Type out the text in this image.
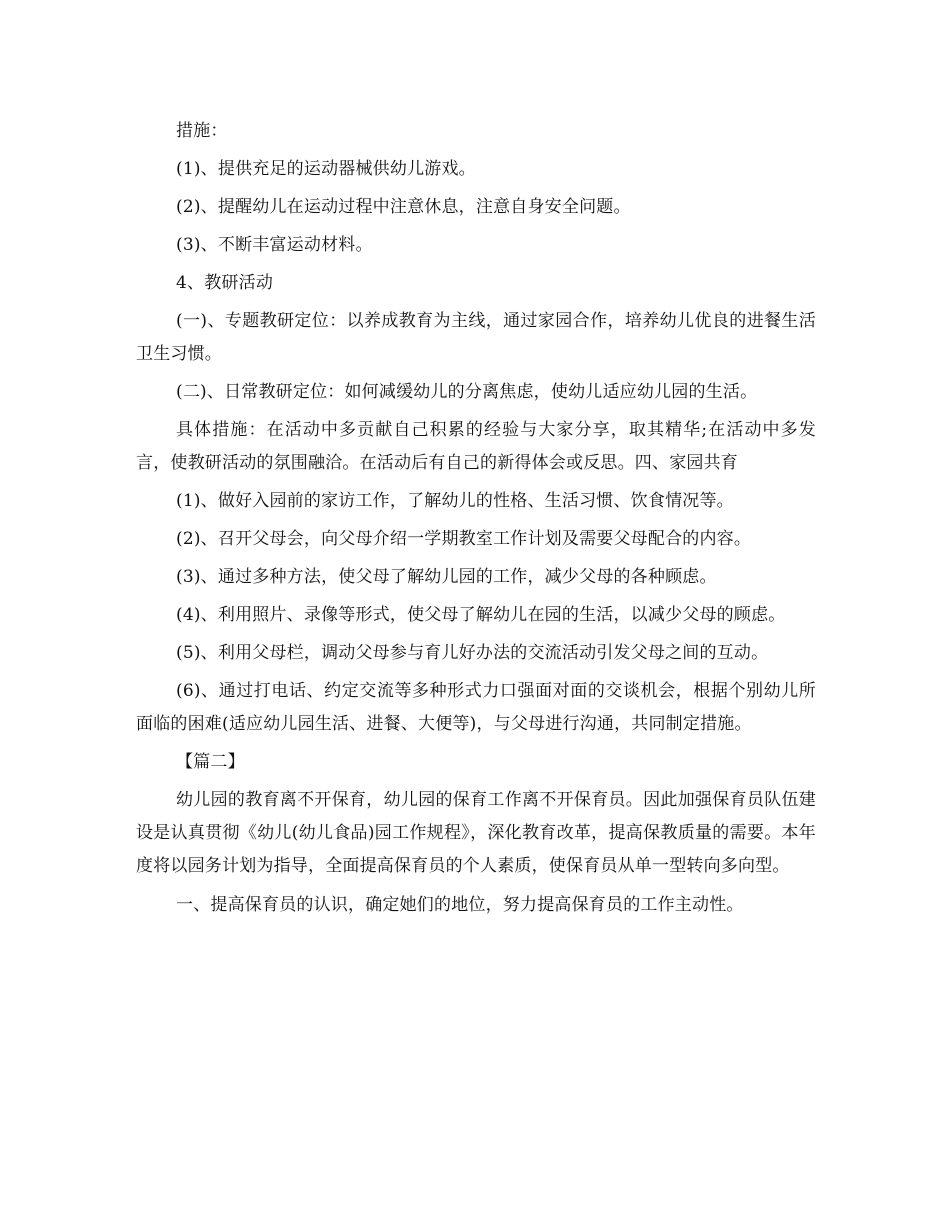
措施：

(1)、提供充足的运动器械供幼儿游戏。

(2)、提醒幼儿在运动过程中注意休息，注意自身安全问题。

(3)、不断丰富运动材料。

4、教研活动

(一)、专题教研定位：以养成教育为主线，通过家园合作，培养幼儿优良的进餐生活卫生习惯。

(二)、日常教研定位：如何减缓幼儿的分离焦虑，使幼儿适应幼儿园的生活。

具体措施：在活动中多贡献自己积累的经验与大家分享，取其精华;在活动中多发言，使教研活动的氛围融洽。在活动后有自己的新得体会或反思。四、家园共育

(1)、做好入园前的家访工作，了解幼儿的性格、生活习惯、饮食情况等。

(2)、召开父母会，向父母介绍一学期教室工作计划及需要父母配合的内容。

(3)、通过多种方法，使父母了解幼儿园的工作，减少父母的各种顾虑。

(4)、利用照片、录像等形式，使父母了解幼儿在园的生活，以减少父母的顾虑。

(5)、利用父母栏，调动父母参与育儿好办法的交流活动引发父母之间的互动。

(6)、通过打电话、约定交流等多种形式力口强面对面的交谈机会，根据个别幼儿所面临的困难(适应幼儿园生活、进餐、大便等)，与父母进行沟通，共同制定措施。

【篇二】

幼儿园的教育离不开保育，幼儿园的保育工作离不开保育员。因此加强保育员队伍建设是认真贯彻《幼儿(幼儿食品)园工作规程》，深化教育改革，提高保教质量的需要。本年度将以园务计划为指导，全面提高保育员的个人素质，使保育员从单一型转向多向型。

一、提高保育员的认识，确定她们的地位，努力提高保育员的工作主动性。
